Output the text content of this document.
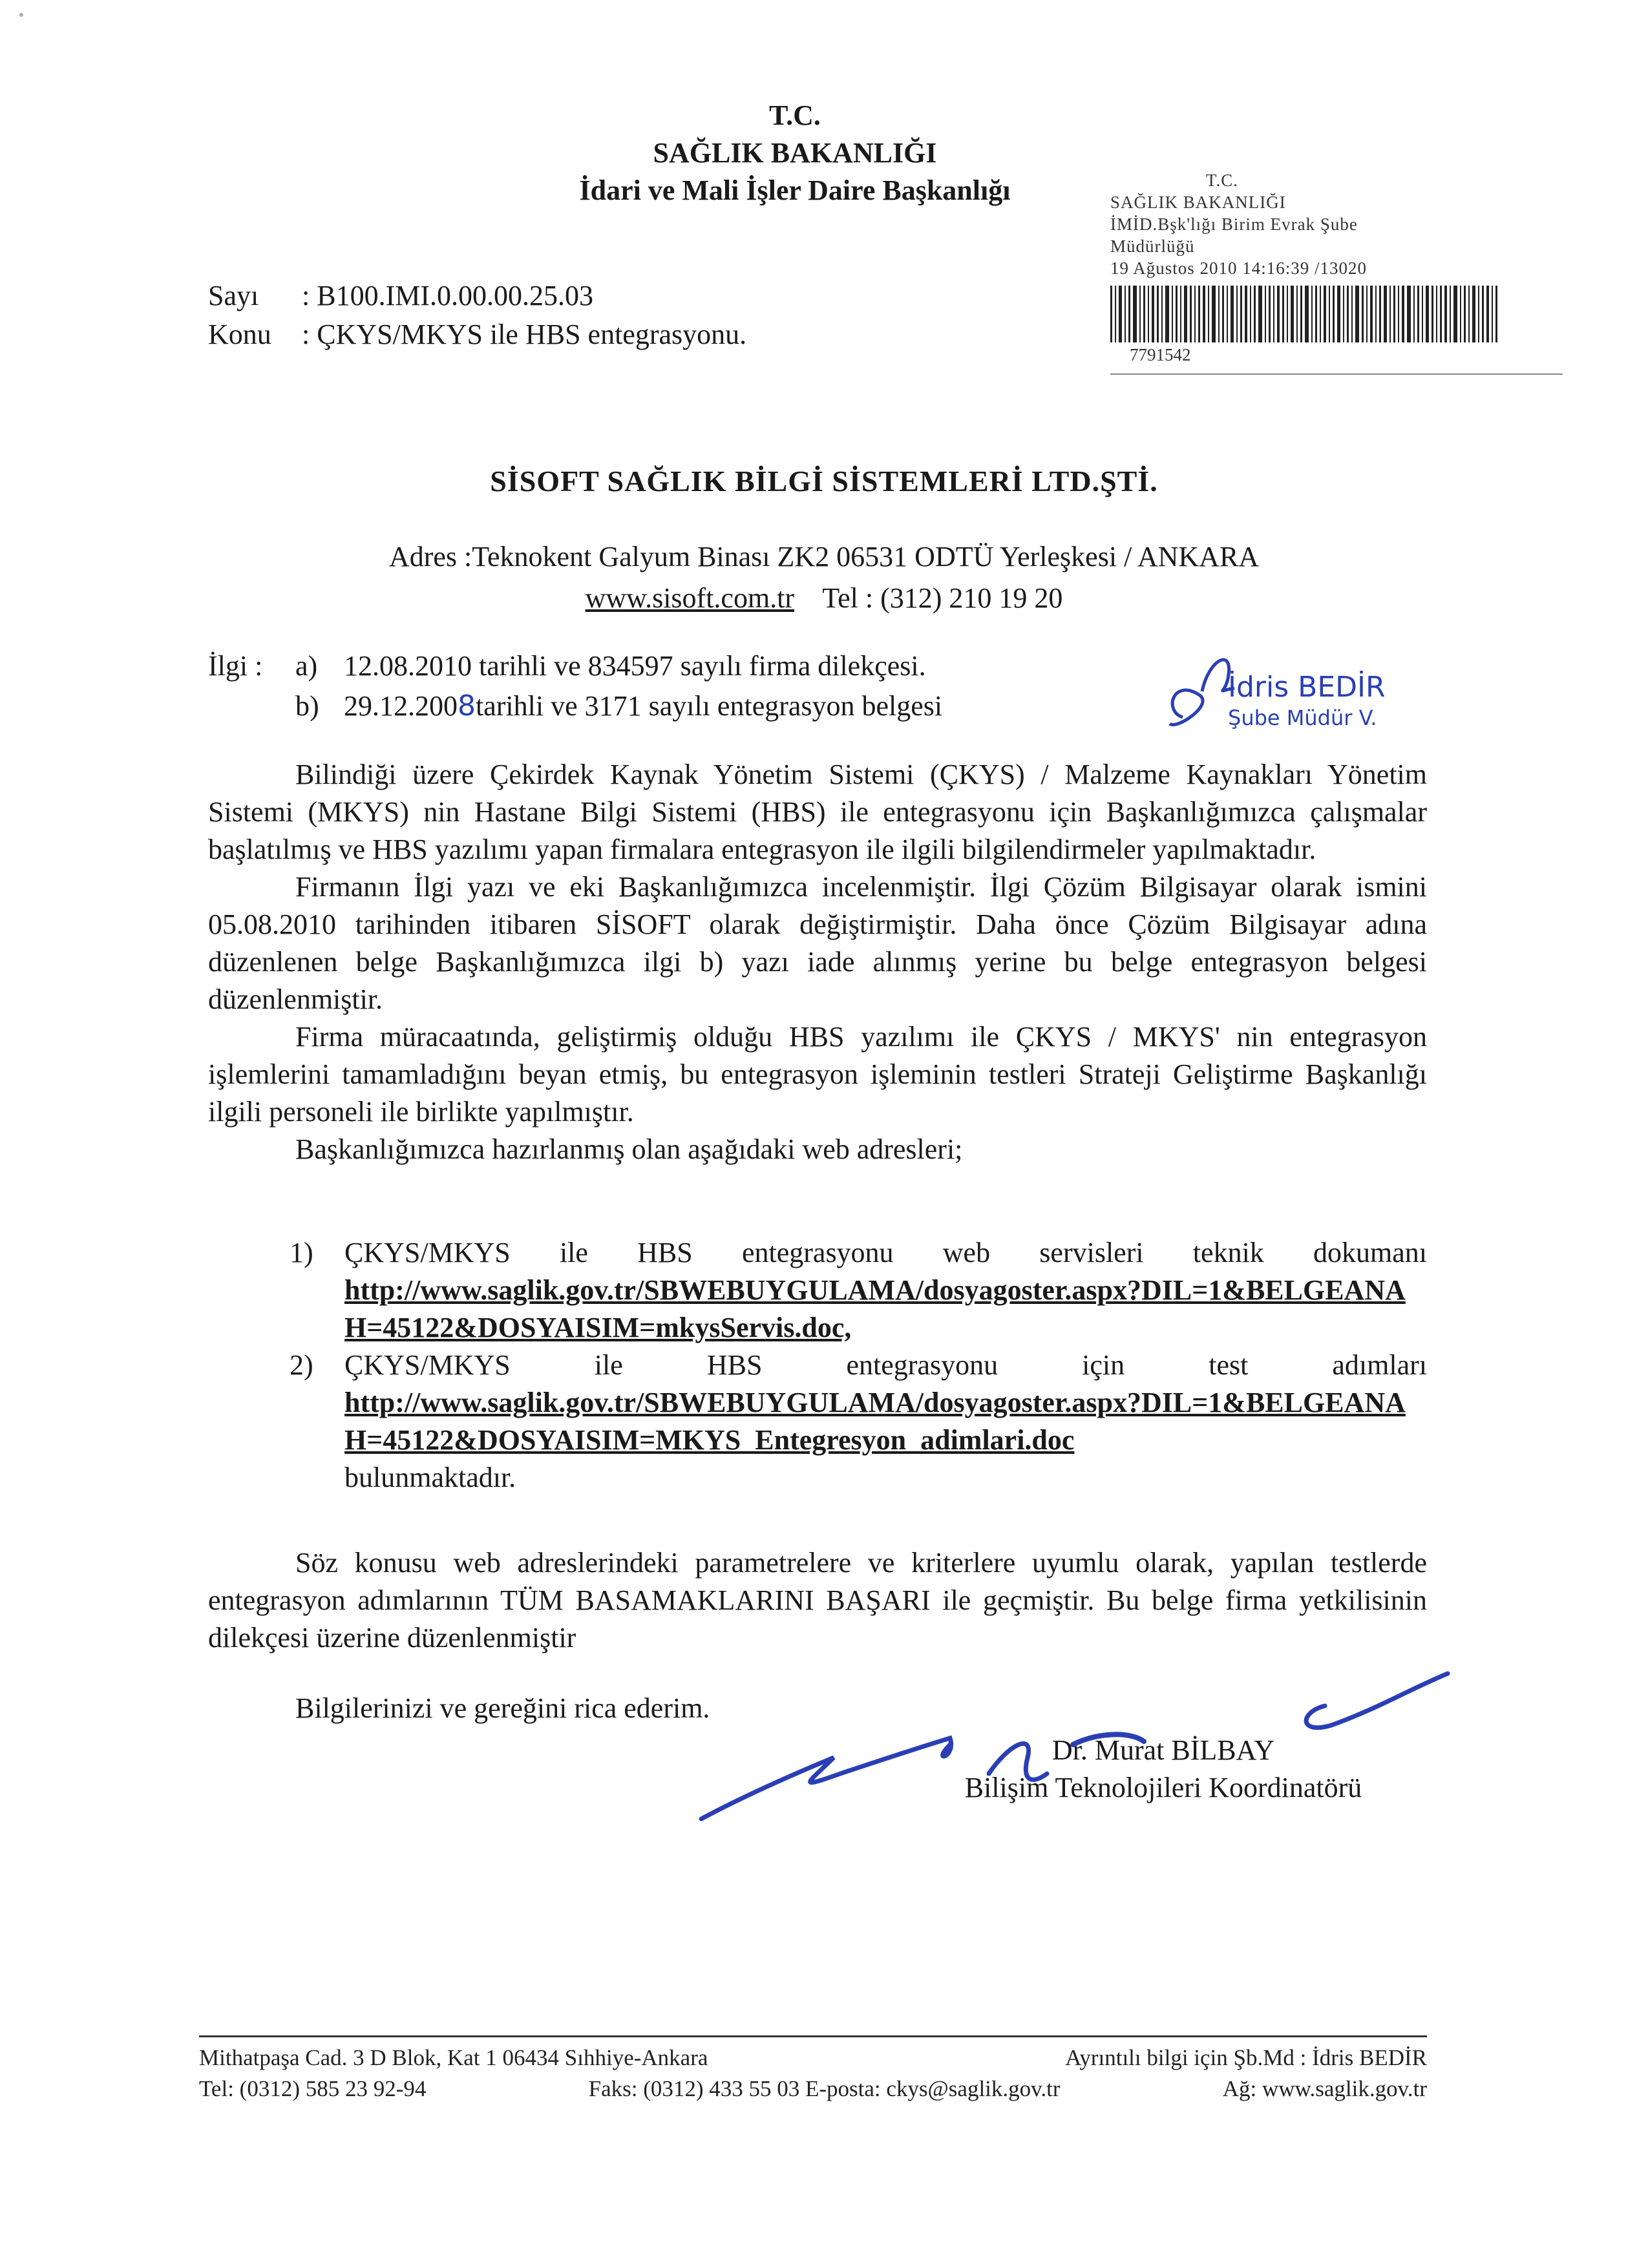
T.C.
SAĞLIK BAKANLIĞI
İdari ve Mali İşler Daire Başkanlığı	T.C.
SAĞLIK BAKANLIĞI
İMİD.Bşk'lığı Birim Evrak Şube
Müdürlüğü
19 Ağustos 2010 14:16:39 /13020
7791542
Sayı	: B100.IMI.0.00.00.25.03
Konu	: ÇKYS/MKYS ile HBS entegrasyonu.
SİSOFT SAĞLIK BİLGİ SİSTEMLERİ LTD.ŞTİ.
Adres :Teknokent Galyum Binası ZK2 06531 ODTÜ Yerleşkesi / ANKARA
www.sisoft.com.tr Tel : (312) 210 19 20
İlgi :	a) 12.08.2010 tarihli ve 834597 sayılı firma dilekçesi.
b) 29.12.2008tarihli ve 3171 sayılı entegrasyon belgesi
İdris BEDİR
Şube Müdür V.

Bilindiği üzere Çekirdek Kaynak Yönetim Sistemi (ÇKYS) / Malzeme Kaynakları Yönetim Sistemi (MKYS) nin Hastane Bilgi Sistemi (HBS) ile entegrasyonu için Başkanlığımızca çalışmalar başlatılmış ve HBS yazılımı yapan firmalara entegrasyon ile ilgili bilgilendirmeler yapılmaktadır.

Firmanın İlgi yazı ve eki Başkanlığımızca incelenmiştir. İlgi Çözüm Bilgisayar olarak ismini 05.08.2010 tarihinden itibaren SİSOFT olarak değiştirmiştir. Daha önce Çözüm Bilgisayar adına düzenlenen belge Başkanlığımızca ilgi b) yazı iade alınmış yerine bu belge entegrasyon belgesi düzenlenmiştir.

Firma müracaatında, geliştirmiş olduğu HBS yazılımı ile ÇKYS / MKYS' nin entegrasyon işlemlerini tamamladığını beyan etmiş, bu entegrasyon işleminin testleri Strateji Geliştirme Başkanlığı ilgili personeli ile birlikte yapılmıştır.

Başkanlığımızca hazırlanmış olan aşağıdaki web adresleri;

1)	ÇKYS/MKYS ile HBS entegrasyonu web servisleri teknik dokumanı
http://www.saglik.gov.tr/SBWEBUYGULAMA/dosyagoster.aspx?DIL=1&BELGEANAH=45122&DOSYAISIM=mkysServis.doc,
2)	ÇKYS/MKYS ile HBS entegrasyonu için test adımları
http://www.saglik.gov.tr/SBWEBUYGULAMA/dosyagoster.aspx?DIL=1&BELGEANAH=45122&DOSYAISIM=MKYS_Entegresyon_adimlari.doc
bulunmaktadır.

Söz konusu web adreslerindeki parametrelere ve kriterlere uyumlu olarak, yapılan testlerde entegrasyon adımlarının TÜM BASAMAKLARINI BAŞARI ile geçmiştir. Bu belge firma yetkilisinin dilekçesi üzerine düzenlenmiştir

Bilgilerinizi ve gereğini rica ederim.
Dr. Murat BİLBAY
Bilişim Teknolojileri Koordinatörü
Mithatpaşa Cad. 3 D Blok, Kat 1 06434 Sıhhiye-Ankara	Ayrıntılı bilgi için Şb.Md : İdris BEDİR
Tel: (0312) 585 23 92-94	Faks: (0312) 433 55 03 E-posta: ckys@saglik.gov.tr	Ağ: www.saglik.gov.tr
